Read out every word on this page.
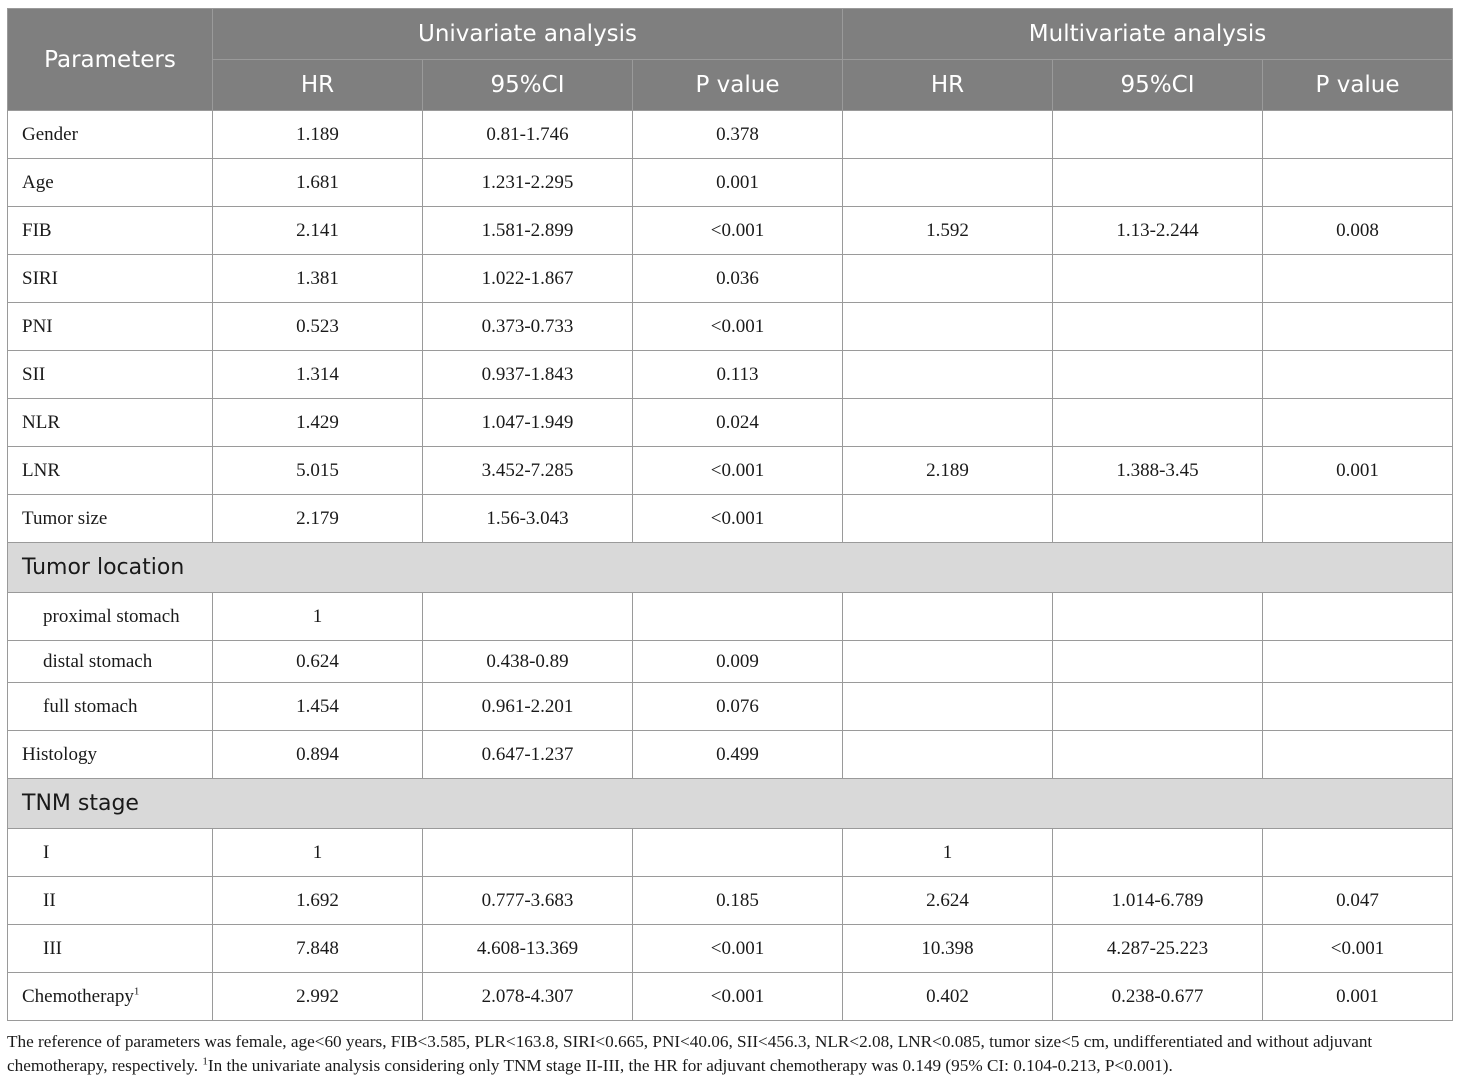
Parameters	Univariate analysis			Multivariate analysis		
	HR	95%CI	P value	HR	95%CI	P value
Gender	1.189	0.81-1.746	0.378			
Age	1.681	1.231-2.295	0.001			
FIB	2.141	1.581-2.899	<0.001	1.592	1.13-2.244	0.008
SIRI	1.381	1.022-1.867	0.036			
PNI	0.523	0.373-0.733	<0.001			
SII	1.314	0.937-1.843	0.113			
NLR	1.429	1.047-1.949	0.024			
LNR	5.015	3.452-7.285	<0.001	2.189	1.388-3.45	0.001
Tumor size	2.179	1.56-3.043	<0.001			
Tumor location						
proximal stomach	1					
distal stomach	0.624	0.438-0.89	0.009			
full stomach	1.454	0.961-2.201	0.076			
Histology	0.894	0.647-1.237	0.499			
TNM stage						
I	1			1		
II	1.692	0.777-3.683	0.185	2.624	1.014-6.789	0.047
III	7.848	4.608-13.369	<0.001	10.398	4.287-25.223	<0.001
Chemotherapy$^1$	2.992	2.078-4.307	<0.001	0.402	0.238-0.677	0.001

The reference of parameters was female, age<60 years, FIB<3.585, PLR<163.8, SIRI<0.665, PNI<40.06, SII<456.3, NLR<2.08, LNR<0.085, tumor size<5 cm, undifferentiated and without adjuvant chemotherapy, respectively. $^1$In the univariate analysis considering only TNM stage II-III, the HR for adjuvant chemotherapy was 0.149 (95% CI: 0.104-0.213, P<0.001).
